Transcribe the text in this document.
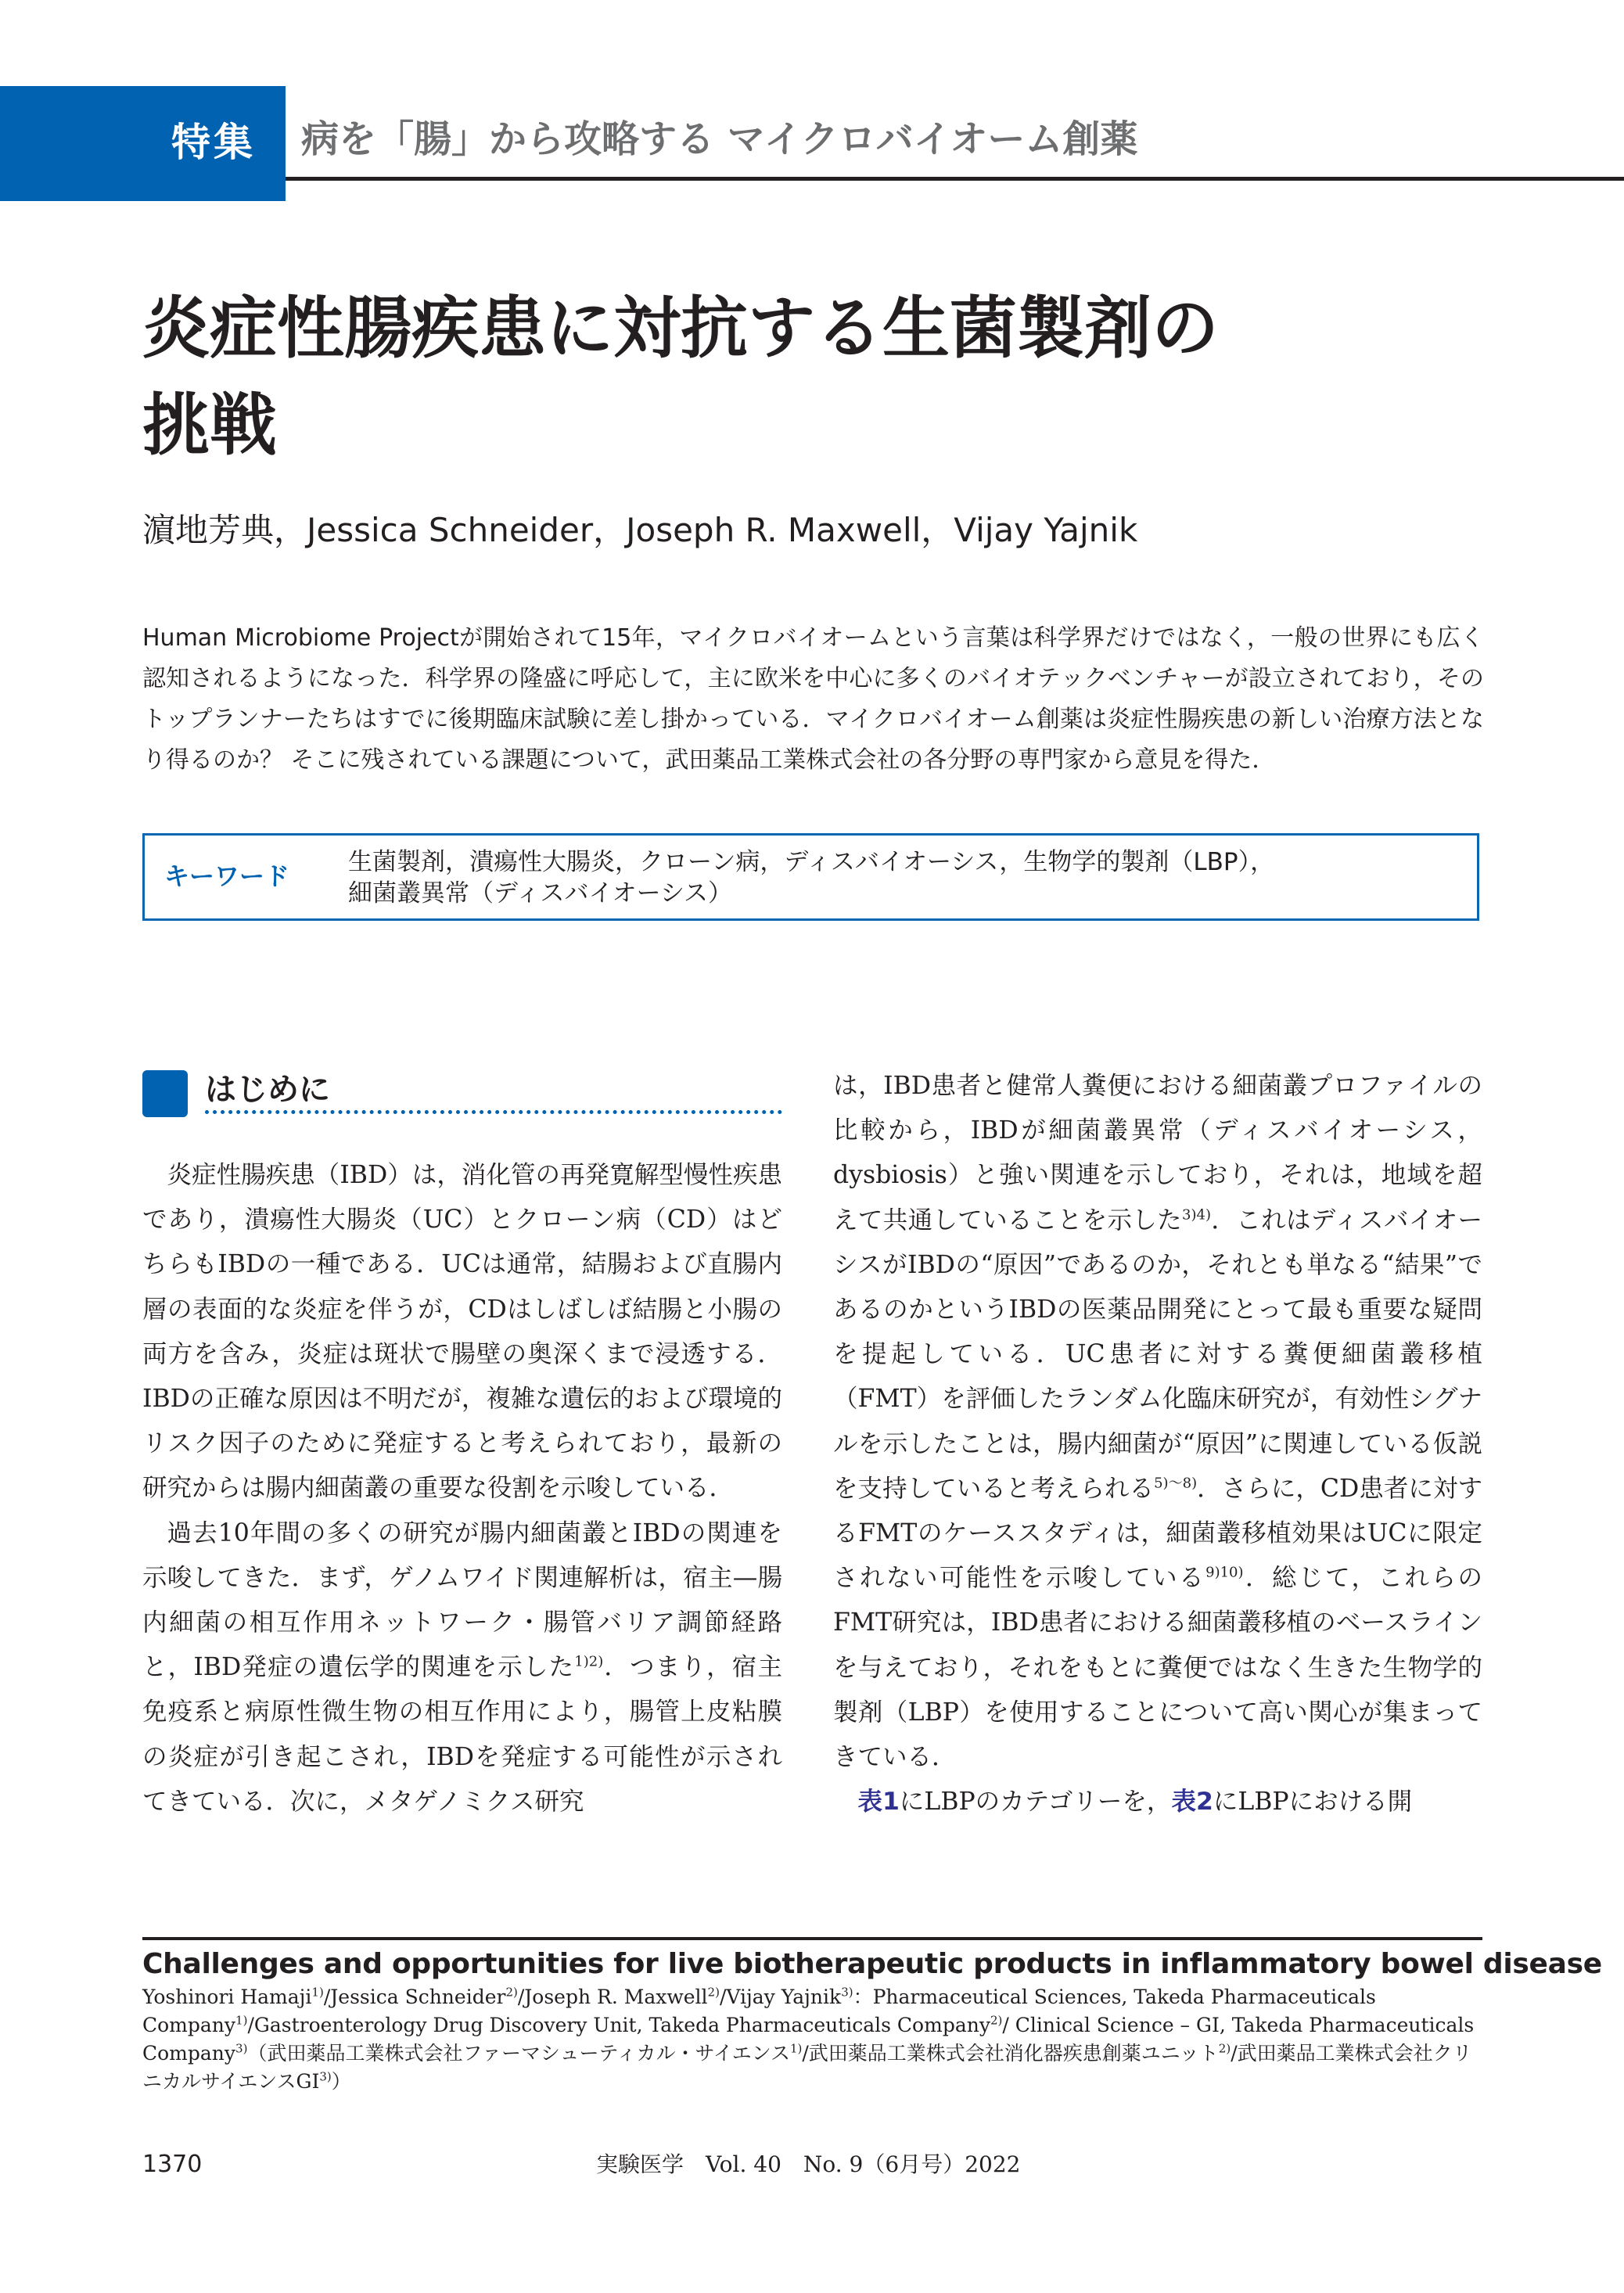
特集 病を「腸」から攻略する マイクロバイオーム創薬
炎症性腸疾患に対抗する生菌製剤の
挑戦
濵地芳典，Jessica Schneider，Joseph R. Maxwell，Vijay Yajnik

Human Microbiome Projectが開始されて15年，マイクロバイオームという言葉は科学界だけではなく，一般の世界にも広く認知されるようになった．科学界の隆盛に呼応して，主に欧米を中心に多くのバイオテックベンチャーが設立されており，そのトップランナーたちはすでに後期臨床試験に差し掛かっている．マイクロバイオーム創薬は炎症性腸疾患の新しい治療方法となり得るのか？ そこに残されている課題について，武田薬品工業株式会社の各分野の専門家から意見を得た．

キーワード 生菌製剤，潰瘍性大腸炎，クローン病，ディスバイオーシス，生物学的製剤（LBP），
細菌叢異常（ディスバイオーシス）
はじめに

炎症性腸疾患（IBD）は，消化管の再発寛解型慢性疾患であり，潰瘍性大腸炎（UC）とクローン病（CD）はどちらもIBDの一種である．UCは通常，結腸および直腸内層の表面的な炎症を伴うが，CDはしばしば結腸と小腸の両方を含み，炎症は斑状で腸壁の奥深くまで浸透する．IBDの正確な原因は不明だが，複雑な遺伝的および環境的リスク因子のために発症すると考えられており，最新の研究からは腸内細菌叢の重要な役割を示唆している．

過去10年間の多くの研究が腸内細菌叢とIBDの関連を示唆してきた．まず，ゲノムワイド関連解析は，宿主—腸内細菌の相互作用ネットワーク・腸管バリア調節経路と，IBD発症の遺伝学的関連を示した$^{1)2)}$．つまり，宿主免疫系と病原性微生物の相互作用により，腸管上皮粘膜の炎症が引き起こされ，IBDを発症する可能性が示されてきている．次に，メタゲノミクス研究

は，IBD患者と健常人糞便における細菌叢プロファイルの比較から，IBDが細菌叢異常（ディスバイオーシス，dysbiosis）と強い関連を示しており，それは，地域を超えて共通していることを示した$^{3)4)}$．これはディスバイオーシスがIBDの“原因”であるのか，それとも単なる“結果”であるのかというIBDの医薬品開発にとって最も重要な疑問を提起している．UC患者に対する糞便細菌叢移植（FMT）を評価したランダム化臨床研究が，有効性シグナルを示したことは，腸内細菌が“原因”に関連している仮説を支持していると考えられる$^{5)\sim 8)}$．さらに，CD患者に対するFMTのケーススタディは，細菌叢移植効果はUCに限定されない可能性を示唆している$^{9)10)}$．総じて，これらのFMT研究は，IBD患者における細菌叢移植のベースラインを与えており，それをもとに糞便ではなく生きた生物学的製剤（LBP）を使用することについて高い関心が集まってきている．

表1にLBPのカテゴリーを，表2にLBPにおける開

Challenges and opportunities for live biotherapeutic products in inflammatory bowel disease

Yoshinori Hamaji$^{1)}$/Jessica Schneider$^{2)}$/Joseph R. Maxwell$^{2)}$/Vijay Yajnik$^{3)}$：Pharmaceutical Sciences, Takeda Pharmaceuticals Company$^{1)}$/Gastroenterology Drug Discovery Unit, Takeda Pharmaceuticals Company$^{2)}$/ Clinical Science – GI, Takeda Pharmaceuticals Company$^{3)}$（武田薬品工業株式会社ファーマシューティカル・サイエンス$^{1)}$/武田薬品工業株式会社消化器疾患創薬ユニット$^{2)}$/武田薬品工業株式会社クリニカルサイエンスGI$^{3)}$）

1370	実験医学　Vol. 40　No. 9（6月号）2022
